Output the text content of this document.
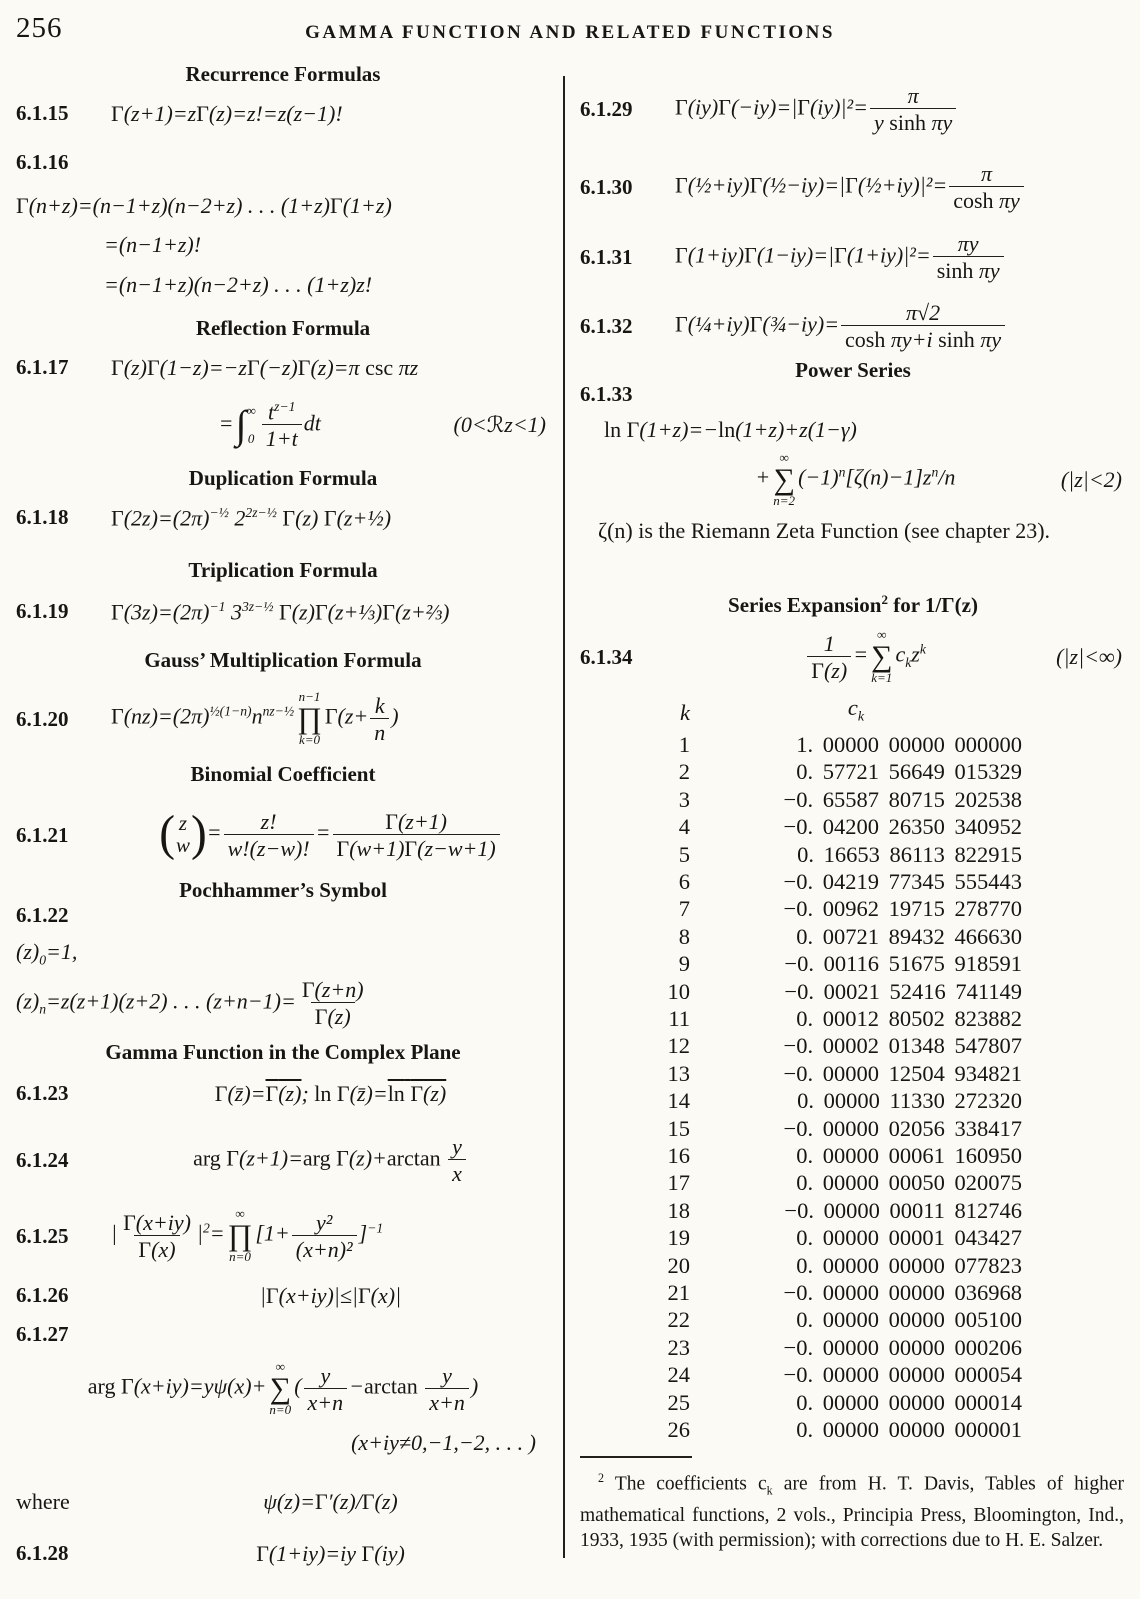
256	GAMMA FUNCTION AND RELATED FUNCTIONS
Recurrence Formulas
6.1.15	Γ(z+1)=zΓ(z)=z!=z(z−1)!
6.1.16
Γ(n+z)=(n−1+z)(n−2+z) . . . (1+z)Γ(1+z)
=(n−1+z)!
=(n−1+z)(n−2+z) . . . (1+z)z!
Reflection Formula
6.1.17	Γ(z)Γ(1−z)=−zΓ(−z)Γ(z)=π csc πz
= ∫ ∞
$0 \frac{t^{z-1}}{1+t}$ dt	(0<ℛz<1)
Duplication Formula
6.1.18	$\Gamma(2z)=(2\pi)^{-\frac{1}{2}}$ $2^{2z-\frac{1}{2}}$ Γ(z) Γ(z+½)
Triplication Formula
6.1.19	$\Gamma(3z)=(2\pi)^{-1}$ $3^{3z-\frac{1}{2}}$ Γ(z)Γ(z+⅓)Γ(z+⅔)
Gauss’ Multiplication Formula
6.1.20	$\Gamma(nz)=(2\pi)^{\frac{1}{2}(1-n)}n^{nz-\frac{1}{2}}$
n−1
∏
k=0
$\Gamma(z+ \frac{k}{n}$ )
Binomial Coefficient
6.1.21	( z
w )= $\frac{z!}{w!(z-w)!} = \frac{\Gamma(z+1)}{\Gamma(w+1)\Gamma(z-w+1)}$
Pochhammer’s Symbol
6.1.22
$(z)_0=1$,
$(z)_n=z(z+1)(z+2)$ . . . $(z+n-1)= \frac{\Gamma(z+n)}{\Gamma(z)}$
Gamma Function in the Complex Plane
6.1.23	Γ(z̄)=Γ(z); ln Γ(z̄)=ln Γ(z)
6.1.24	arg Γ(z+1)=arg $\Gamma(z)+\arctan \frac{y}{x}$
6.1.25	| $\frac{\Gamma(x+iy)}{\Gamma(x)} |^2=$
∞
∏
n=0
$[1+ \frac{\text{y²}}{\text{(x+n)²}} ]^{-1}$
6.1.26	|Γ(x+iy)|≤|Γ(x)|
6.1.27
arg Γ(x+iy)=yψ(x)+
∞
∑
n=0
( $\frac{y}{x+n} -\arctan \frac{y}{x+n}$ )
(x+iy≠0,−1,−2, . . . )
where	ψ(z)=Γ′(z)/Γ(z)
6.1.28	Γ(1+iy)=iy Γ(iy)
6.1.29	$\Gamma(iy)\Gamma(-iy)=|\Gamma(iy)|^2= \frac{\pi}{\text{y sinh πy}}$
6.1.30	Γ(½+iy)Γ(½−iy)=|Γ(½+iy)|²= $\frac{\pi}{\text{cosh πy}}$
6.1.31	$\Gamma(1+iy)\Gamma(1-iy)=|\Gamma(1+iy)|^2= \frac{\pi y}{\text{sinh πy}}$
6.1.32	Γ(¼+iy)Γ(¾−iy)= $\frac{\pi√2}{\text{cosh πy+i sinh πy}}$
Power Series
6.1.33
ln Γ(1+z)=−ln(1+z)+z(1−γ)
+
∞
∑
n=2
$(-1)^n[\zeta(n)-1]z^n/n$	(|z|<2)
ζ(n) is the Riemann Zeta Function (see chapter 23).
Series Expansion$^2$ for 1/Γ(z)
6.1.34	$\frac{1}{\Gamma(z)}$ =
∞
∑
k=1
$c_kz^k$	(|z|<∞)
k	$c_k$
1	1. 00000 00000 000000
2	0. 57721 56649 015329
3	−0. 65587 80715 202538
4	−0. 04200 26350 340952
5	0. 16653 86113 822915
6	−0. 04219 77345 555443
7	−0. 00962 19715 278770
8	0. 00721 89432 466630
9	−0. 00116 51675 918591
10	−0. 00021 52416 741149
11	0. 00012 80502 823882
12	−0. 00002 01348 547807
13	−0. 00000 12504 934821
14	0. 00000 11330 272320
15	−0. 00000 02056 338417
16	0. 00000 00061 160950
17	0. 00000 00050 020075
18	−0. 00000 00011 812746
19	0. 00000 00001 043427
20	0. 00000 00000 077823
21	−0. 00000 00000 036968
22	0. 00000 00000 005100
23	−0. 00000 00000 000206
24	−0. 00000 00000 000054
25	0. 00000 00000 000014
26	0. 00000 00000 000001
$^2$ The coefficients $c_k$ are from H. T. Davis, Tables of higher mathematical functions, 2 vols., Principia Press, Bloomington, Ind., 1933, 1935 (with permission); with corrections due to H. E. Salzer.
